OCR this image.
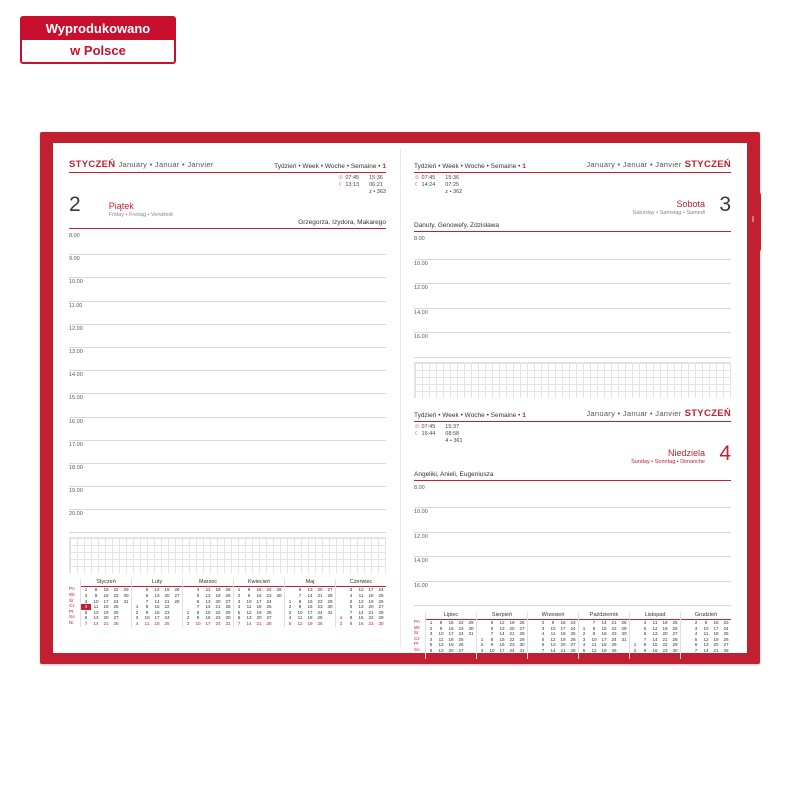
Wyprodukowano
w Polsce
I
STYCZEŃ January • Januar • Janvier	Tydzień • Week • Woche • Semaine • 1
☉ 07:45
☾ 13:13
15:36
06:21
z • 363
2	Piątek
Friday • Freitag • Vendredi
Grzegorza, Izydora, Makarego
8.00
9.00
10.00
11.00
12.00
13.00
14.00
15.00
16.00
17.00
18.00
19.00
20.00
Pn
Wt
Śr
Cz
Pt
So
Ni
Styczeń
1	8	15	22	29
2	9	16	23	30
3	10	17	24	31
4	11	18	25
5	12	19	26
6	13	20	27
7	14	21	28
Luty
5	12	19	26
6	13	20	27
7	14	21	28
1	8	15	22
2	9	16	23
3	10	17	24
4	11	18	25
Marzec
4	11	18	25
5	12	19	26
6	13	20	27
7	14	21	28
1	8	15	22	29
2	9	16	23	30
3	10	17	24	31
Kwiecień
1	8	15	22	29
2	9	16	23	30
3	10	17	24
4	11	18	25
5	12	19	26
6	13	20	27
7	14	21	28
Maj
6	13	20	27
7	14	21	28
1	8	15	22	29
2	9	16	23	30
3	10	17	24	31
4	11	18	25
5	12	19	26
Czerwiec
3	10	17	24
4	11	18	25
5	12	19	26
6	13	20	27
7	14	21	28
1	8	15	22	29
2	9	16	23	30
Tydzień • Week • Woche • Semaine • 1	January • Januar • Janvier STYCZEŃ
☉ 07:45
☾ 14:24
15:36
07:25
z • 362
3
Sobota
Saturday • Samstag • Samedi
Danuty, Genowefy, Zdzisława
8.00
10.00
12.00
14.00
16.00
Tydzień • Week • Woche • Semaine • 1	January • Januar • Janvier STYCZEŃ
☉ 07:45
☾ 16:44
15:37
08:58
4 • 361
4
Niedziela
Sunday • Sonntag • Dimanche
Angeliki, Anieli, Eugeniusza
8.00
10.00
12.00
14.00
16.00
Pn
Wt
Śr
Cz
Pt
So
Ni
Lipiec
1	8	15	22	29
2	9	16	23	30
3	10	17	24	31
4	11	18	25
5	12	19	26
6	13	20	27
7	14	21	28
Sierpień
5	12	19	26
6	13	20	27
7	14	21	28
1	8	15	22	29
2	9	16	23	30
3	10	17	24	31
4	11	18	25
Wrzesień
2	9	16	23
3	10	17	24
4	11	18	25
5	12	19	26
6	13	20	27
7	14	21	28
1	8	15	22	29
Październik
7	14	21	28
1	8	15	22	29
2	9	16	23	30
3	10	17	24	31
4	11	18	25
5	12	19	26
6	13	20	27
Listopad
4	11	18	25
5	12	19	26
6	13	20	27
7	14	21	28
1	8	15	22	29
2	9	16	23	30
3	10	17	24
Grudzień
2	9	16	23
3	10	17	24
4	11	18	25
5	12	19	26
6	13	20	27
7	14	21	28
1	8	15	22	29
